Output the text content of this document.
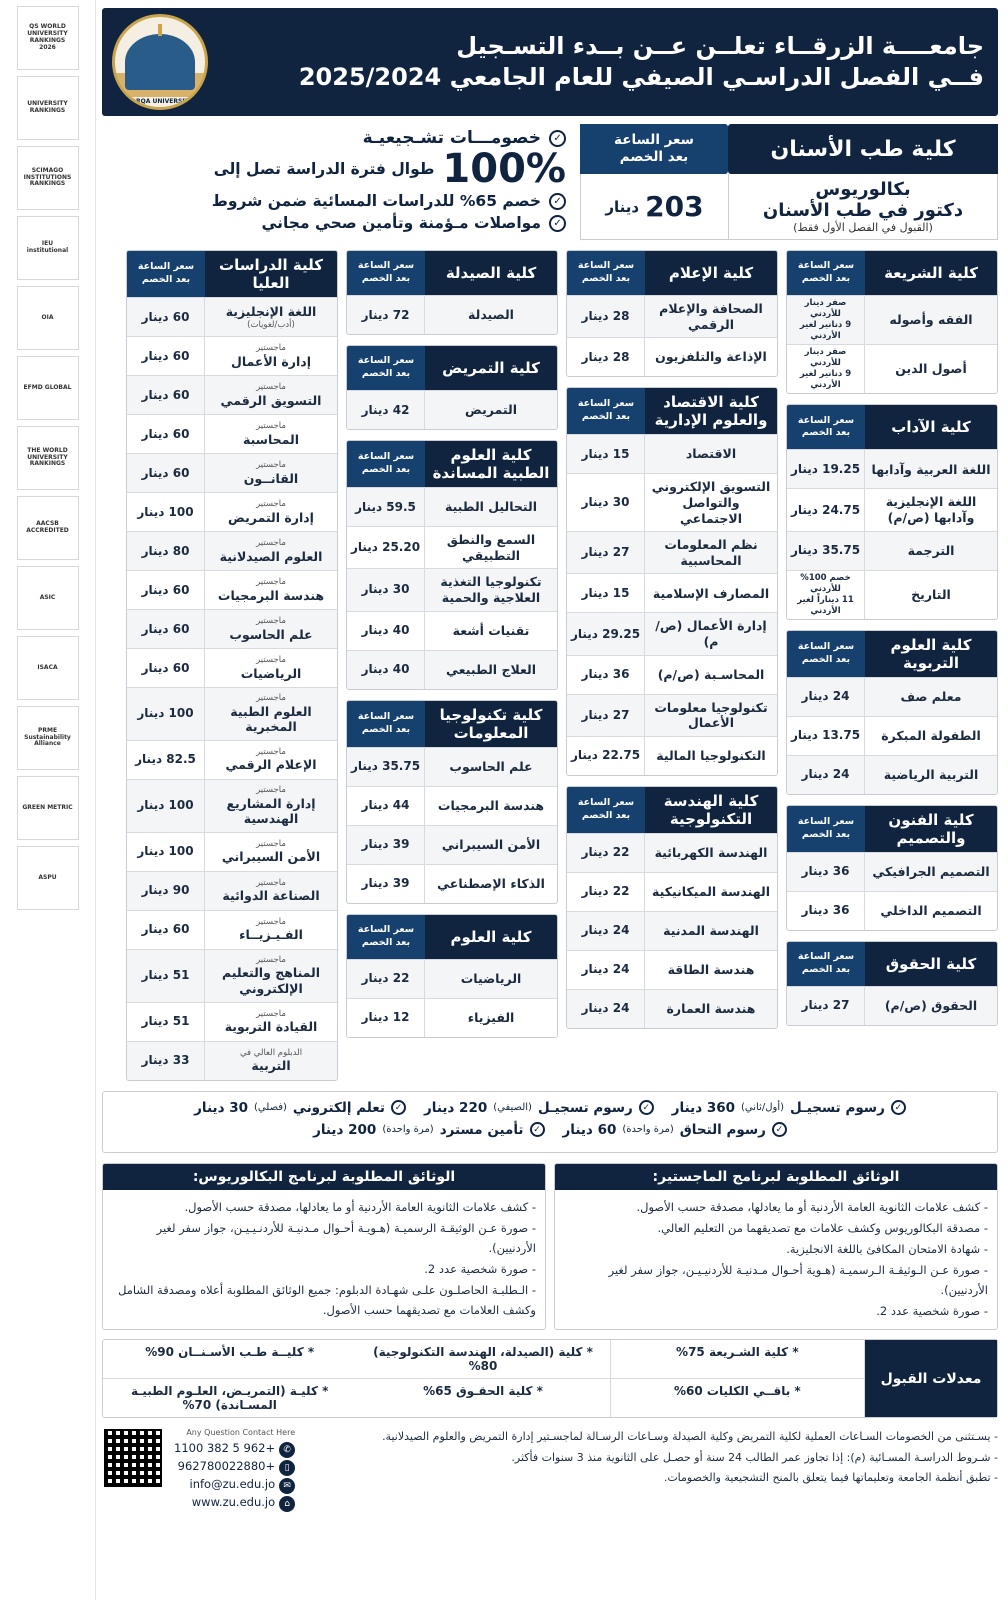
QS WORLD UNIVERSITY RANKINGS 2026
UNIVERSITY RANKINGS
SCIMAGO INSTITUTIONS RANKINGS
IEU institutional
OIA
EFMD GLOBAL
THE WORLD UNIVERSITY RANKINGS
AACSB ACCREDITED
ASIC
ISACA
PRME Sustainability Alliance
GREEN METRIC
ASPU
ZARQA UNIVERSITY
جامعــــة الزرقــاء تعلــن عــن بــدء التسـجيل
فــي الفصل الدراسـي الصيفي للعام الجامعي 2025/2024
كلية طب الأسنان
سعر الساعة
بعد الخصم
بكالوريوس
دكتور في طب الأسنان
(القبول في الفصل الأول فقط)
203
دينار
✓
خصومـــات تشـجيعيـة
100%
طوال فترة الدراسة تصل إلى
✓
خصم 65% للدراسات المسائية ضمن شروط
✓
مواصلات مـؤمنة وتأمين صحي مجاني
كلية الشريعة
سعر الساعة
بعد الخصم
الفقه وأصوله
صفر دينار للأردني
9 دنانير لغير الأردني
أصول الدين
صفر دينار للأردني
9 دنانير لغير الأردني
كلية الآداب
سعر الساعة
بعد الخصم
اللغة العربية وآدابها
19.25 دينار
اللغة الإنجليزية وآدابها (ص/م)
24.75 دينار
الترجمة
35.75 دينار
التاريخ
خصم 100% للأردني
11 ديناراً لغير الأردني
كلية العلوم التربوية
سعر الساعة
بعد الخصم
معلم صف
24 دينار
الطفولة المبكرة
13.75 دينار
التربية الرياضية
24 دينار
كلية الفنون والتصميم
سعر الساعة
بعد الخصم
التصميم الجرافيكي
36 دينار
التصميم الداخلي
36 دينار
كلية الحقوق
سعر الساعة
بعد الخصم
الحقوق (ص/م)
27 دينار
كلية الإعلام
سعر الساعة
بعد الخصم
الصحافة والإعلام الرقمي
28 دينار
الإذاعة والتلفزيون
28 دينار
كلية الاقتصاد والعلوم الإدارية
سعر الساعة
بعد الخصم
الاقتصاد
15 دينار
التسويق الإلكتروني والتواصل الاجتماعي
30 دينار
نظم المعلومات المحاسبية
27 دينار
المصارف الإسلامية
15 دينار
إدارة الأعمال (ص/م)
29.25 دينار
المحاسـبة (ص/م)
36 دينار
تكنولوجيا معلومات الأعمال
27 دينار
التكنولوجيا المالية
22.75 دينار
كلية الهندسة التكنولوجية
سعر الساعة
بعد الخصم
الهندسة الكهربائية
22 دينار
الهندسة الميكانيكية
22 دينار
الهندسة المدنية
24 دينار
هندسة الطاقة
24 دينار
هندسة العمارة
24 دينار
كلية الصيدلة
سعر الساعة
بعد الخصم
الصيدلة
72 دينار
كلية التمريض
سعر الساعة
بعد الخصم
التمريض
42 دينار
كلية العلوم الطبية المساندة
سعر الساعة
بعد الخصم
التحاليل الطبية
59.5 دينار
السمع والنطق التطبيقي
25.20 دينار
تكنولوجيا التغذية العلاجية والحمية
30 دينار
تقنيات أشعة
40 دينار
العلاج الطبيعي
40 دينار
كلية تكنولوجيا المعلومات
سعر الساعة
بعد الخصم
علم الحاسوب
35.75 دينار
هندسة البرمجيات
44 دينار
الأمن السيبراني
39 دينار
الذكاء الإصطناعي
39 دينار
كلية العلوم
سعر الساعة
بعد الخصم
الرياضيات
22 دينار
الفيزياء
12 دينار
كلية الدراسات العليا
سعر الساعة
بعد الخصم
اللغة الإنجليزية
(أدب/لغويات)
60 دينار
ماجستير
إدارة الأعمال
60 دينار
ماجستير
التسويق الرقمي
60 دينار
ماجستير
المحاسبة
60 دينار
ماجستير
القانــون
60 دينار
ماجستير
إدارة التمريض
100 دينار
ماجستير
العلوم الصيدلانية
80 دينار
ماجستير
هندسة البرمجيات
60 دينار
ماجستير
علم الحاسوب
60 دينار
ماجستير
الرياضيات
60 دينار
ماجستير
العلوم الطبية المخبرية
100 دينار
ماجستير
الإعلام الرقمي
82.5 دينار
ماجستير
إدارة المشاريع الهندسية
100 دينار
ماجستير
الأمن السيبراني
100 دينار
ماجستير
الصناعة الدوائية
90 دينار
ماجستير
الفـيـزيــاء
60 دينار
ماجستير
المناهج والتعليم الإلكتروني
51 دينار
ماجستير
القيادة التربوية
51 دينار
الدبلوم العالي في
التربية
33 دينار
✓
رسوم تسجيـل
(أول/ثاني)
360 دينار
✓
رسوم تسجيـل
(الصيفي)
220 دينار
✓
تعلم إلكتروني
(فصلي)
30 دينار
✓
رسوم التحاق
(مرة واحدة)
60 دينار
✓
تأمين مسترد
(مرة واحدة)
200 دينار
الوثائق المطلوبة لبرنامج الماجستير:
- كشف علامات الثانوية العامة الأردنية أو ما يعادلها، مصدقة حسب الأصول.
- مصدقة البكالوريوس وكشف علامات مع تصديقهما من التعليم العالي.
- شهادة الامتحان المكافئ باللغة الانجليزية.
- صورة عـن الـوثيقـة الـرسميـة (هـوية أحـوال مـدنيـة للأردنيـيـن، جواز سفر لغير الأردنيين).
- صورة شخصية عدد 2.
الوثائق المطلوبة لبرنامج البكالوريوس:
- كشف علامات الثانوية العامة الأردنية أو ما يعادلها، مصدقة حسب الأصول.
- صورة عـن الوثيقـة الرسميـة (هـويـة أحـوال مـدنيـة للأردنـيـيـن، جواز سفر لغير الأردنيين).
- صورة شخصية عدد 2.
- الـطلبـة الحاصلـون علـى شهـادة الدبلوم: جميع الوثائق المطلوبة أعلاه ومصدقة الشامل وكشف العلامات مع تصديقهما حسب الأصول.
معدلات القبول
* كلية الشـريعة 75%
* كلية (الصيدلة، الهندسة التكنولوجية) 80%
* كليــة طـب الأسـنــان 90%
* باقــي الكليات 60%
* كلية الحقـوق 65%
* كليـة (التمريـض، العلـوم الطبيـة المسـاندة) 70%
- يسـتثنى من الخصومات السـاعات العملية لكلية التمريض وكلية الصيدلة وسـاعات الرسـالة لماجسـتير إدارة التمريض والعلوم الصيدلانية.
- شـروط الدراسـة المسـائية (م): إذا تجاوز عمر الطالب 24 سنة أو حصـل على الثانوية منذ 3 سنوات فأكثر.
- تطبق أنظمة الجامعة وتعليماتها فيما يتعلق بالمنح التشجيعية والخصومات.
Any Question Contact Here
✆+962 5 382 1100
▯+962780022880
✉info@zu.edu.jo
⌂www.zu.edu.jo
